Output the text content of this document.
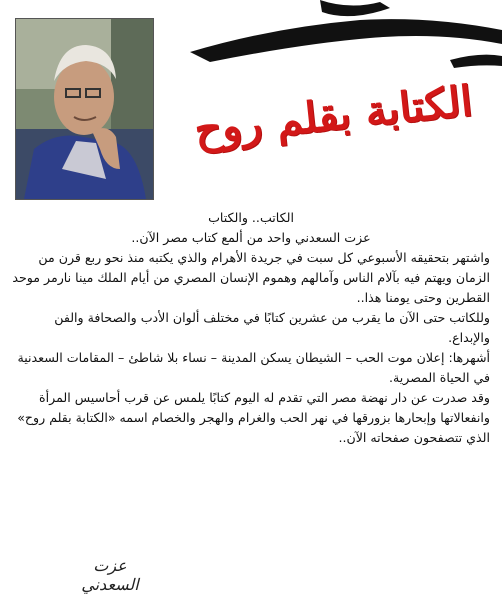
الكتابة بقلم روح

الكاتب.. والكتاب

عزت السعدني واحد من ألمع كتاب مصر الآن..

واشتهر بتحقيقه الأسبوعي كل سبت في جريدة الأهرام والذي يكتبه منذ نحو ربع قرن من الزمان ويهتم فيه بآلام الناس وآمالهم وهموم الإنسان المصري من أيام الملك مينا نارمر موحد القطرين وحتى يومنا هذا..

وللكاتب حتى الآن ما يقرب من عشرين كتابًا في مختلف ألوان الأدب والصحافة والفن والإبداع.

أشهرها: إعلان موت الحب – الشيطان يسكن المدينة – نساء بلا شاطئ – المقامات السعدنية في الحياة المصرية.

وقد صدرت عن دار نهضة مصر التي تقدم له اليوم كتابًا يلمس عن قرب أحاسيس المرأة وانفعالاتها وإبحارها بزورقها في نهر الحب والغرام والهجر والخصام اسمه «الكتابة بقلم روح» الذي تتصفحون صفحاته الآن..

عزت السعدني
